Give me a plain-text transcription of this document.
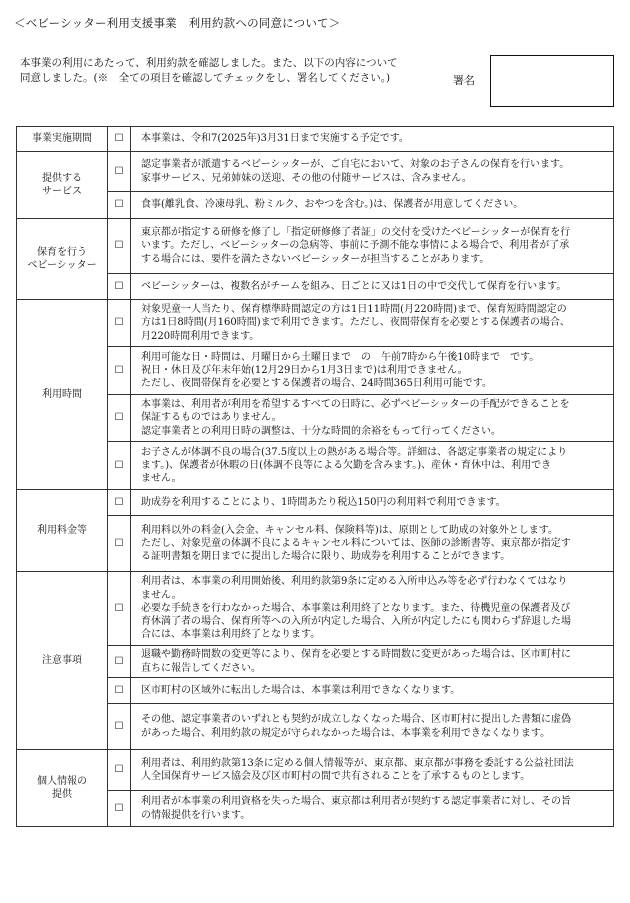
＜ベビーシッター利用支援事業　利用約款への同意について＞
本事業の利用にあたって、利用約款を確認しました。また、以下の内容について
同意しました。(※　全ての項目を確認してチェックをし、署名してください。)	署名
事業実施期間	☐	本事業は、令和7(2025年)3月31日まで実施する予定です。

提供する
サービス	☐	認定事業者が派遣するベビーシッターが、ご自宅において、対象のお子さんの保育を行います。
家事サービス、兄弟姉妹の送迎、その他の付随サービスは、含みません。

	☐	食事(離乳食、冷凍母乳、粉ミルク、おやつを含む。)は、保護者が用意してください。

保育を行う
ベビーシッター	☐	東京都が指定する研修を修了し「指定研修修了者証」の交付を受けたベビーシッターが保育を行
います。ただし、ベビーシッターの急病等、事前に予測不能な事情による場合で、利用者が了承
する場合には、要件を満たさないベビーシッターが担当することがあります。

	☐	ベビーシッターは、複数名がチームを組み、日ごとに又は1日の中で交代して保育を行います。

利用時間	☐	対象児童一人当たり、保育標準時間認定の方は1日11時間(月220時間)まで、保育短時間認定の
方は1日8時間(月160時間)まで利用できます。ただし、夜間帯保育を必要とする保護者の場合、
月220時間利用できます。

	☐	利用可能な日・時間は、月曜日から土曜日まで　の　午前7時から午後10時まで　です。
祝日・休日及び年末年始(12月29日から1月3日まで)は利用できません。
ただし、夜間帯保育を必要とする保護者の場合、24時間365日利用可能です。

	☐	本事業は、利用者が利用を希望するすべての日時に、必ずベビーシッターの手配ができることを
保証するものではありません。
認定事業者との利用日時の調整は、十分な時間的余裕をもって行ってください。

	☐	お子さんが体調不良の場合(37.5度以上の熱がある場合等。詳細は、各認定事業者の規定により
ます。)、保護者が休暇の日(体調不良等による欠勤を含みます。)、産休・育休中は、利用でき
ません。

利用料金等	☐	助成券を利用することにより、1時間あたり税込150円の利用料で利用できます。

	☐	利用料以外の料金(入会金、キャンセル料、保険料等)は、原則として助成の対象外とします。
ただし、対象児童の体調不良によるキャンセル料については、医師の診断書等、東京都が指定す
る証明書類を期日までに提出した場合に限り、助成券を利用することができます。

注意事項	☐	利用者は、本事業の利用開始後、利用約款第9条に定める入所申込み等を必ず行わなくてはなり
ません。
必要な手続きを行わなかった場合、本事業は利用終了となります。また、待機児童の保護者及び
育休満了者の場合、保育所等への入所が内定した場合、入所が内定したにも関わらず辞退した場
合には、本事業は利用終了となります。

	☐	退職や勤務時間数の変更等により、保育を必要とする時間数に変更があった場合は、区市町村に
直ちに報告してください。

	☐	区市町村の区域外に転出した場合は、本事業は利用できなくなります。

	☐	その他、認定事業者のいずれとも契約が成立しなくなった場合、区市町村に提出した書類に虚偽
があった場合、利用約款の規定が守られなかった場合は、本事業を利用できなくなります。

個人情報の
提供	☐	利用者は、利用約款第13条に定める個人情報等が、東京都、東京都が事務を委託する公益社団法
人全国保育サービス協会及び区市町村の間で共有されることを了承するものとします。

	☐	利用者が本事業の利用資格を失った場合、東京都は利用者が契約する認定事業者に対し、その旨
の情報提供を行います。
